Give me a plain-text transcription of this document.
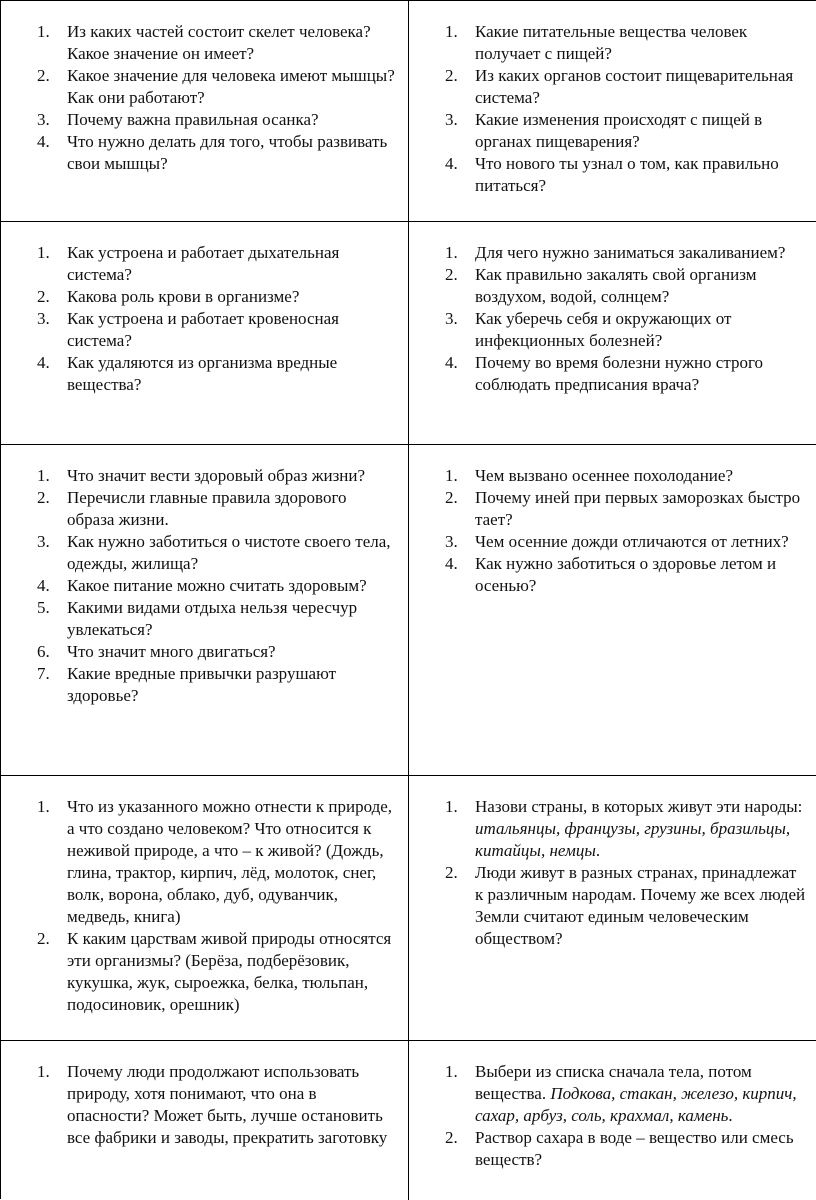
1. Из каких частей состоит скелет человека? Какое значение он имеет?
2. Какое значение для человека имеют мышцы? Как они работают?
3. Почему важна правильная осанка?
4. Что нужно делать для того, чтобы развивать свои мышцы?
1. Какие питательные вещества человек получает с пищей?
2. Из каких органов состоит пищеварительная система?
3. Какие изменения происходят с пищей в органах пищеварения?
4. Что нового ты узнал о том, как правильно питаться?
1. Как устроена и работает дыхательная система?
2. Какова роль крови в организме?
3. Как устроена и работает кровеносная система?
4. Как удаляются из организма вредные вещества?
1. Для чего нужно заниматься закаливанием?
2. Как правильно закалять свой организм воздухом, водой, солнцем?
3. Как уберечь себя и окружающих от инфекционных болезней?
4. Почему во время болезни нужно строго соблюдать предписания врача?
1. Что значит вести здоровый образ жизни?
2. Перечисли главные правила здорового образа жизни.
3. Как нужно заботиться о чистоте своего тела, одежды, жилища?
4. Какое питание можно считать здоровым?
5. Какими видами отдыха нельзя чересчур увлекаться?
6. Что значит много двигаться?
7. Какие вредные привычки разрушают здоровье?
1. Чем вызвано осеннее похолодание?
2. Почему иней при первых заморозках быстро тает?
3. Чем осенние дожди отличаются от летних?
4. Как нужно заботиться о здоровье летом и осенью?
1. Что из указанного можно отнести к природе, а что создано человеком? Что относится к неживой природе, а что – к живой? (Дождь, глина, трактор, кирпич, лёд, молоток, снег, волк, ворона, облако, дуб, одуванчик, медведь, книга)
2. К каким царствам живой природы относятся эти организмы? (Берёза, подберёзовик, кукушка, жук, сыроежка, белка, тюльпан, подосиновик, орешник)
1. Назови страны, в которых живут эти народы: итальянцы, французы, грузины, бразильцы, китайцы, немцы.
2. Люди живут в разных странах, принадлежат к различным народам. Почему же всех людей Земли считают единым человеческим обществом?
1. Почему люди продолжают использовать природу, хотя понимают, что она в опасности? Может быть, лучше остановить все фабрики и заводы, прекратить заготовку
1. Выбери из списка сначала тела, потом вещества. Подкова, стакан, железо, кирпич, сахар, арбуз, соль, крахмал, камень.
2. Раствор сахара в воде – вещество или смесь веществ?
